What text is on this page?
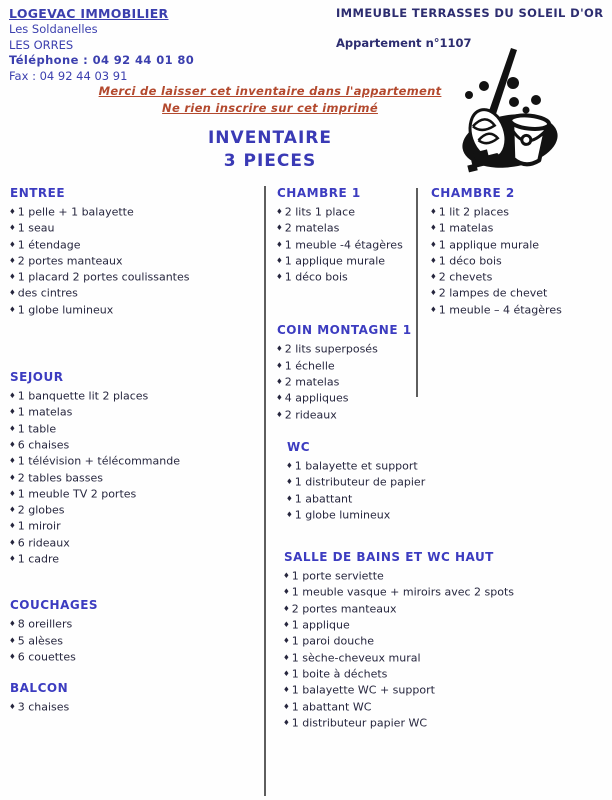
LOGEVAC IMMOBILIER
Les Soldanelles
LES ORRES
Téléphone : 04 92 44 01 80
Fax : 04 92 44 03 91
IMMEUBLE TERRASSES DU SOLEIL D'OR
Appartement n°1107
Merci de laisser cet inventaire dans l'appartement
Ne rien inscrire sur cet imprimé
INVENTAIRE
3 PIECES
ENTREE
♦ 1 pelle + 1 balayette
♦ 1 seau
♦ 1 étendage
♦ 2 portes manteaux
♦ 1 placard 2 portes coulissantes
♦ des cintres
♦ 1 globe lumineux
SEJOUR
♦ 1 banquette lit 2 places
♦ 1 matelas
♦ 1 table
♦ 6 chaises
♦ 1 télévision + télécommande
♦ 2 tables basses
♦ 1 meuble TV 2 portes
♦ 2 globes
♦ 1 miroir
♦ 6 rideaux
♦ 1 cadre
COUCHAGES
♦ 8 oreillers
♦ 5 alèses
♦ 6 couettes
BALCON
♦ 3 chaises
CHAMBRE 1
♦ 2 lits 1 place
♦ 2 matelas
♦ 1 meuble -4 étagères
♦ 1 applique murale
♦ 1 déco bois
COIN MONTAGNE 1
♦ 2 lits superposés
♦ 1 échelle
♦ 2 matelas
♦ 4 appliques
♦ 2 rideaux
WC
♦ 1 balayette et support
♦ 1 distributeur de papier
♦ 1 abattant
♦ 1 globe lumineux
SALLE DE BAINS ET WC HAUT
♦ 1 porte serviette
♦ 1 meuble vasque + miroirs avec 2 spots
♦ 2 portes manteaux
♦ 1 applique
♦ 1 paroi douche
♦ 1 sèche-cheveux mural
♦ 1 boite à déchets
♦ 1 balayette WC + support
♦ 1 abattant WC
♦ 1 distributeur papier WC
CHAMBRE 2
♦ 1 lit 2 places
♦ 1 matelas
♦ 1 applique murale
♦ 1 déco bois
♦ 2 chevets
♦ 2 lampes de chevet
♦ 1 meuble – 4 étagères
